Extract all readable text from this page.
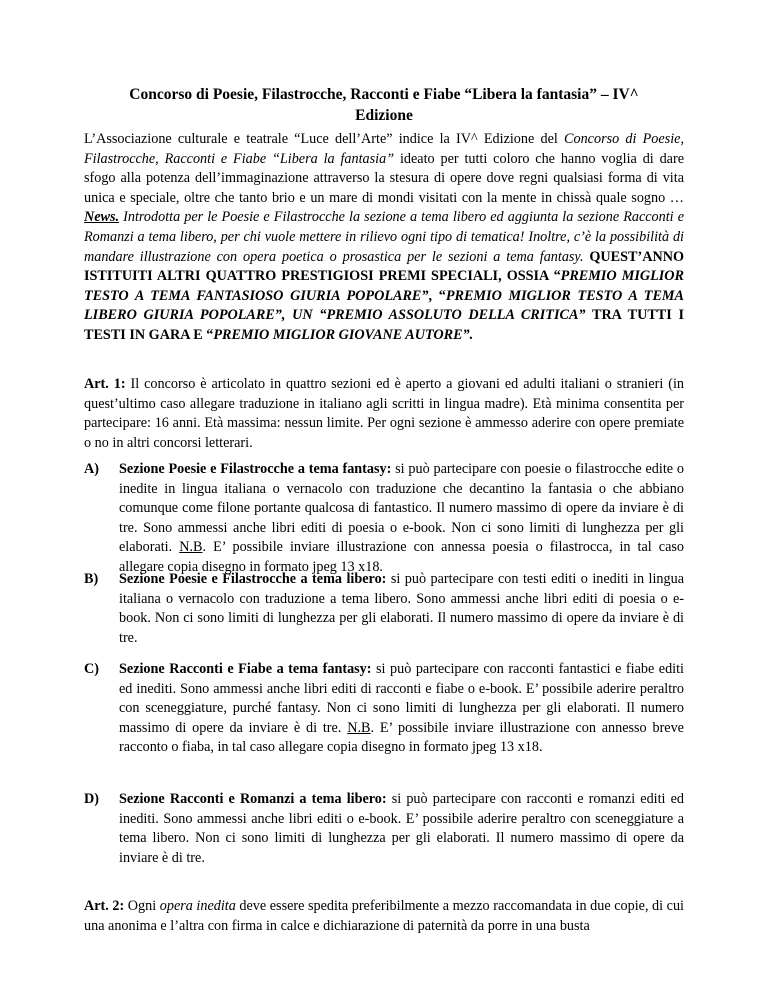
Concorso di Poesie, Filastrocche, Racconti e Fiabe “Libera la fantasia” – IV^
Edizione
L’Associazione culturale e teatrale “Luce dell’Arte” indice la IV^ Edizione del Concorso di Poesie, Filastrocche, Racconti e Fiabe “Libera la fantasia” ideato per tutti coloro che hanno voglia di dare sfogo alla potenza dell’immaginazione attraverso la stesura di opere dove regni qualsiasi forma di vita unica e speciale, oltre che tanto brio e un mare di mondi visitati con la mente in chissà quale sogno … News. Introdotta per le Poesie e Filastrocche la sezione a tema libero ed aggiunta la sezione Racconti e Romanzi a tema libero, per chi vuole mettere in rilievo ogni tipo di tematica! Inoltre, c’è la possibilità di mandare illustrazione con opera poetica o prosastica per le sezioni a tema fantasy. QUEST’ANNO ISTITUITI ALTRI QUATTRO PRESTIGIOSI PREMI SPECIALI, OSSIA “PREMIO MIGLIOR TESTO A TEMA FANTASIOSO GIURIA POPOLARE”, “PREMIO MIGLIOR TESTO A TEMA LIBERO GIURIA POPOLARE”, UN “PREMIO ASSOLUTO DELLA CRITICA” TRA TUTTI I TESTI IN GARA E “PREMIO MIGLIOR GIOVANE AUTORE”.
Art. 1: Il concorso è articolato in quattro sezioni ed è aperto a giovani ed adulti italiani o stranieri (in quest’ultimo caso allegare traduzione in italiano agli scritti in lingua madre). Età minima consentita per partecipare: 16 anni. Età massima: nessun limite. Per ogni sezione è ammesso aderire con opere premiate o no in altri concorsi letterari.
A) Sezione Poesie e Filastrocche a tema fantasy: si può partecipare con poesie o filastrocche edite o inedite in lingua italiana o vernacolo con traduzione che decantino la fantasia o che abbiano comunque come filone portante qualcosa di fantastico. Il numero massimo di opere da inviare è di tre. Sono ammessi anche libri editi di poesia o e-book. Non ci sono limiti di lunghezza per gli elaborati. N.B. E’ possibile inviare illustrazione con annessa poesia o filastrocca, in tal caso allegare copia disegno in formato jpeg 13 x18.
B) Sezione Poesie e Filastrocche a tema libero: si può partecipare con testi editi o inediti in lingua italiana o vernacolo con traduzione a tema libero. Sono ammessi anche libri editi di poesia o e-book. Non ci sono limiti di lunghezza per gli elaborati. Il numero massimo di opere da inviare è di tre.
C) Sezione Racconti e Fiabe a tema fantasy: si può partecipare con racconti fantastici e fiabe editi ed inediti. Sono ammessi anche libri editi di racconti e fiabe o e-book. E’ possibile aderire peraltro con sceneggiature, purché fantasy. Non ci sono limiti di lunghezza per gli elaborati. Il numero massimo di opere da inviare è di tre. N.B. E’ possibile inviare illustrazione con annesso breve racconto o fiaba, in tal caso allegare copia disegno in formato jpeg 13 x18.
D) Sezione Racconti e Romanzi a tema libero: si può partecipare con racconti e romanzi editi ed inediti. Sono ammessi anche libri editi o e-book. E’ possibile aderire peraltro con sceneggiature a tema libero. Non ci sono limiti di lunghezza per gli elaborati. Il numero massimo di opere da inviare è di tre.
Art. 2: Ogni opera inedita deve essere spedita preferibilmente a mezzo raccomandata in due copie, di cui una anonima e l’altra con firma in calce e dichiarazione di paternità da porre in una busta
